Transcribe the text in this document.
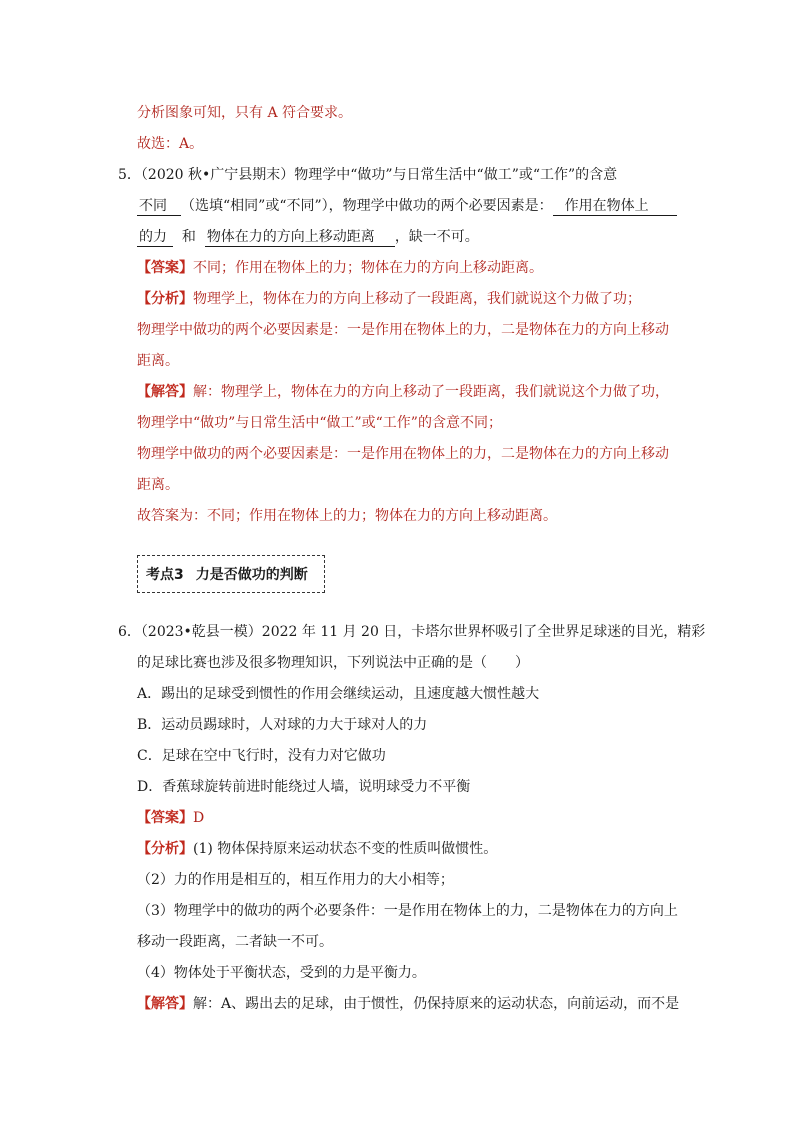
分析图象可知，只有 A 符合要求。
故选：A。
5．（2020 秋•广宁县期末）物理学中“做功”与日常生活中“做工”或“工作”的含意
不同 （选填“相同”或“不同”），物理学中做功的两个必要因素是： 作用在物体上
的力 和 物体在力的方向上移动距离 ，缺一不可。
【答案】不同；作用在物体上的力；物体在力的方向上移动距离。
【分析】物理学上，物体在力的方向上移动了一段距离，我们就说这个力做了功；
物理学中做功的两个必要因素是：一是作用在物体上的力，二是物体在力的方向上移动
距离。
【解答】解：物理学上，物体在力的方向上移动了一段距离，我们就说这个力做了功，
物理学中“做功”与日常生活中“做工”或“工作”的含意不同；
物理学中做功的两个必要因素是：一是作用在物体上的力，二是物体在力的方向上移动
距离。
故答案为：不同；作用在物体上的力；物体在力的方向上移动距离。
考点3 力是否做功的判断
6．（2023•乾县一模）2022 年 11 月 20 日，卡塔尔世界杯吸引了全世界足球迷的目光，精彩
的足球比赛也涉及很多物理知识，下列说法中正确的是（　　）
A．踢出的足球受到惯性的作用会继续运动，且速度越大惯性越大
B．运动员踢球时，人对球的力大于球对人的力
C．足球在空中飞行时，没有力对它做功
D．香蕉球旋转前进时能绕过人墙，说明球受力不平衡
【答案】D
【分析】(1) 物体保持原来运动状态不变的性质叫做惯性。
（2）力的作用是相互的，相互作用力的大小相等；
（3）物理学中的做功的两个必要条件：一是作用在物体上的力，二是物体在力的方向上
移动一段距离，二者缺一不可。
（4）物体处于平衡状态，受到的力是平衡力。
【解答】解：A、踢出去的足球，由于惯性，仍保持原来的运动状态，向前运动，而不是
